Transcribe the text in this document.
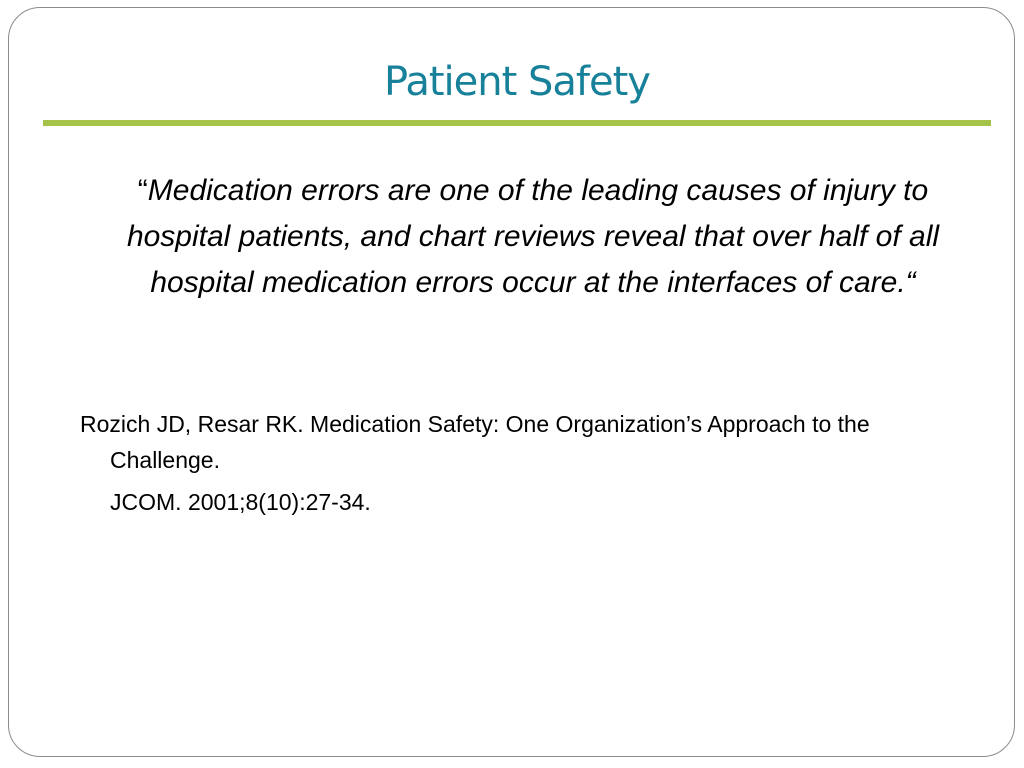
Patient Safety
“Medication errors are one of the leading causes of injury to hospital patients, and chart reviews reveal that over half of all hospital medication errors occur at the interfaces of care.“
Rozich JD, Resar RK. Medication Safety: One Organization’s Approach to the Challenge.
JCOM. 2001;8(10):27-34.
